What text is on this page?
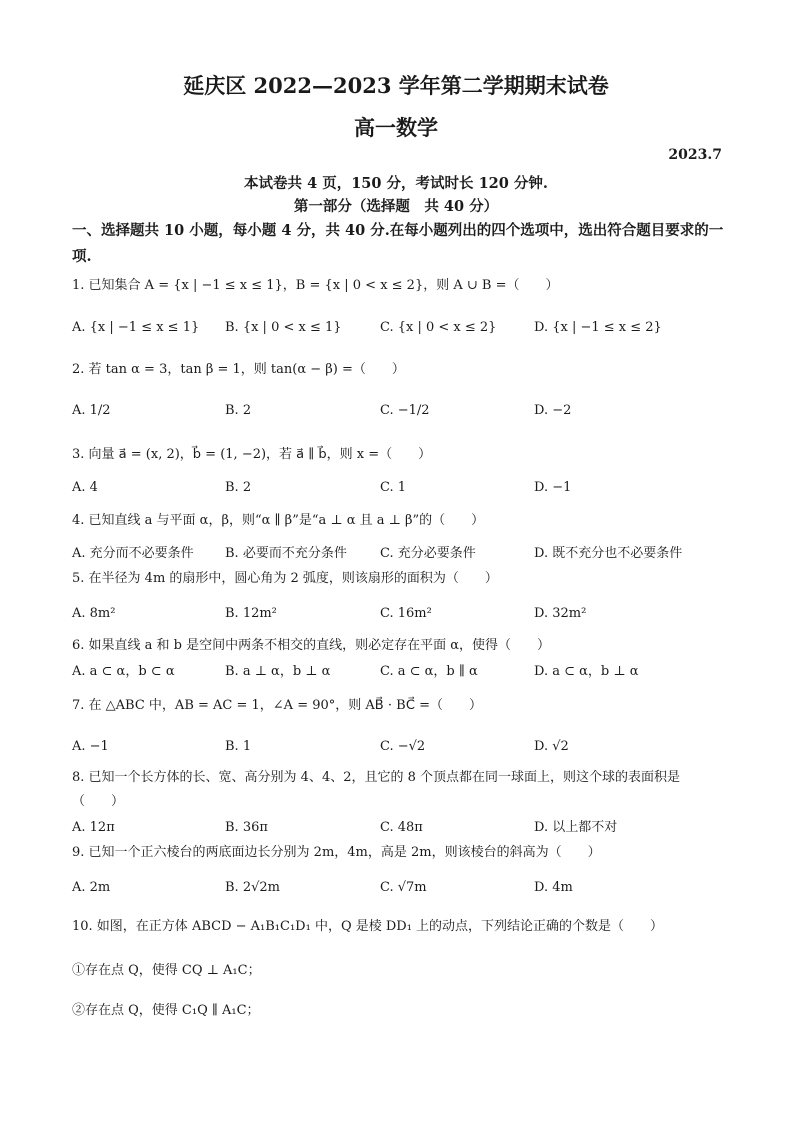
延庆区 2022—2023 学年第二学期期末试卷
高一数学
2023.7
本试卷共 4 页，150 分，考试时长 120 分钟.
第一部分（选择题　共 40 分）
一、选择题共 10 小题，每小题 4 分，共 40 分.在每小题列出的四个选项中，选出符合题目要求的一项.
1. 已知集合 A = {x | −1 ≤ x ≤ 1}，B = {x | 0 < x ≤ 2}，则 A ∪ B =（　　）
A. {x | −1 ≤ x ≤ 1} B. {x | 0 < x ≤ 1}	C. {x | 0 < x ≤ 2}	D. {x | −1 ≤ x ≤ 2}
2. 若 tan α = 3，tan β = 1，则 tan(α − β) =（　　）
A. 1/2	B. 2	C. −1/2	D. −2
3. 向量 a⃗ = (x, 2)，b⃗ = (1, −2)，若 a⃗ ∥ b⃗，则 x =（　　）
A. 4	B. 2	C. 1	D. −1
4. 已知直线 a 与平面 α，β，则“α ∥ β”是“a ⊥ α 且 a ⊥ β”的（　　）
A. 充分而不必要条件 B. 必要而不充分条件	C. 充分必要条件	D. 既不充分也不必要条件
5. 在半径为 4m 的扇形中，圆心角为 2 弧度，则该扇形的面积为（　　）
A. 8m²	B. 12m²	C. 16m²	D. 32m²
6. 如果直线 a 和 b 是空间中两条不相交的直线，则必定存在平面 α，使得（　　）
A. a ⊂ α，b ⊂ α	B. a ⊥ α，b ⊥ α	C. a ⊂ α，b ∥ α	D. a ⊂ α，b ⊥ α
7. 在 △ABC 中，AB = AC = 1，∠A = 90°，则 AB⃗ · BC⃗ =（　　）
A. −1	B. 1	C. −√2	D. √2
8. 已知一个长方体的长、宽、高分别为 4、4、2，且它的 8 个顶点都在同一球面上，则这个球的表面积是
（　　）
A. 12π	B. 36π	C. 48π	D. 以上都不对
9. 已知一个正六棱台的两底面边长分别为 2m，4m，高是 2m，则该棱台的斜高为（　　）
A. 2m	B. 2√2m	C. √7m	D. 4m
10. 如图，在正方体 ABCD − A₁B₁C₁D₁ 中，Q 是棱 DD₁ 上的动点，下列结论正确的个数是（　　）
①存在点 Q，使得 CQ ⊥ A₁C；
②存在点 Q，使得 C₁Q ∥ A₁C；
